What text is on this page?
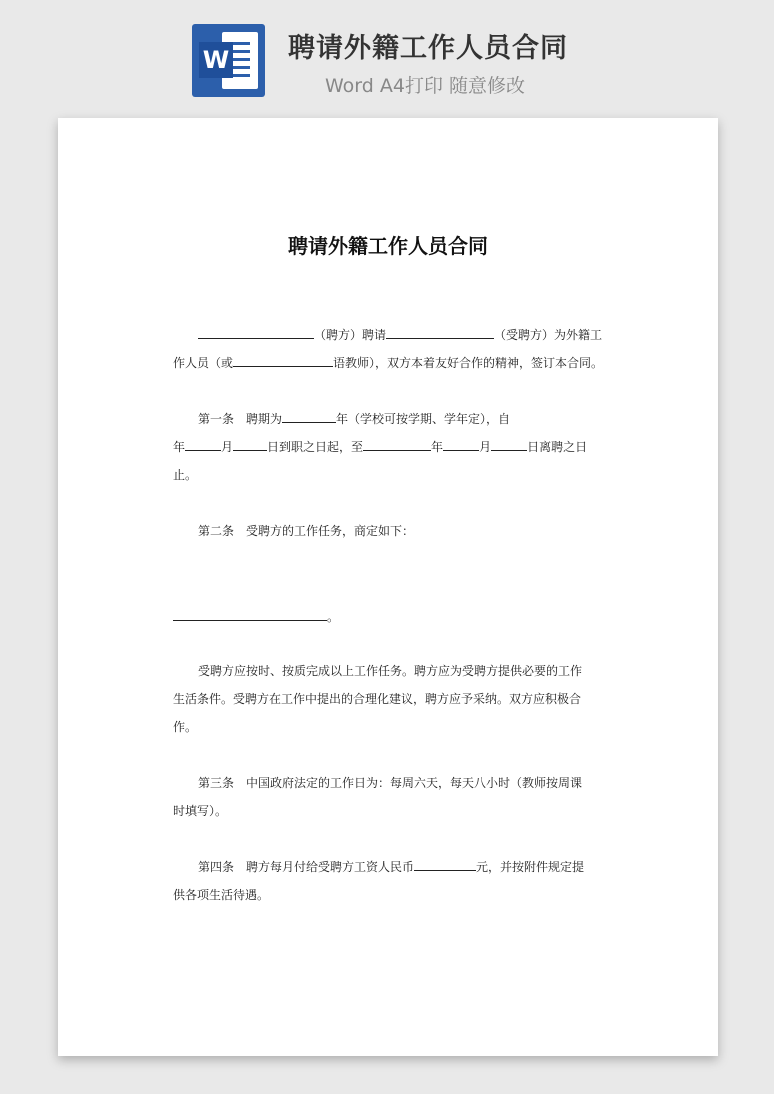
W 聘请外籍工作人员合同
Word A4打印 随意修改

聘请外籍工作人员合同
（聘方）聘请	（受聘方）为外籍工
作人员（或	语教师），双方本着友好合作的精神，签订本合同。
第一条　聘期为	年（学校可按学期、学年定），自
年	月	日到职之日起，至	年	月	日离聘之日
止。
第二条　受聘方的工作任务，商定如下：
。
受聘方应按时、按质完成以上工作任务。聘方应为受聘方提供必要的工作
生活条件。受聘方在工作中提出的合理化建议，聘方应予采纳。双方应积极合
作。
第三条　中国政府法定的工作日为：每周六天，每天八小时（教师按周课
时填写）。
第四条　聘方每月付给受聘方工资人民币	元，并按附件规定提
供各项生活待遇。
